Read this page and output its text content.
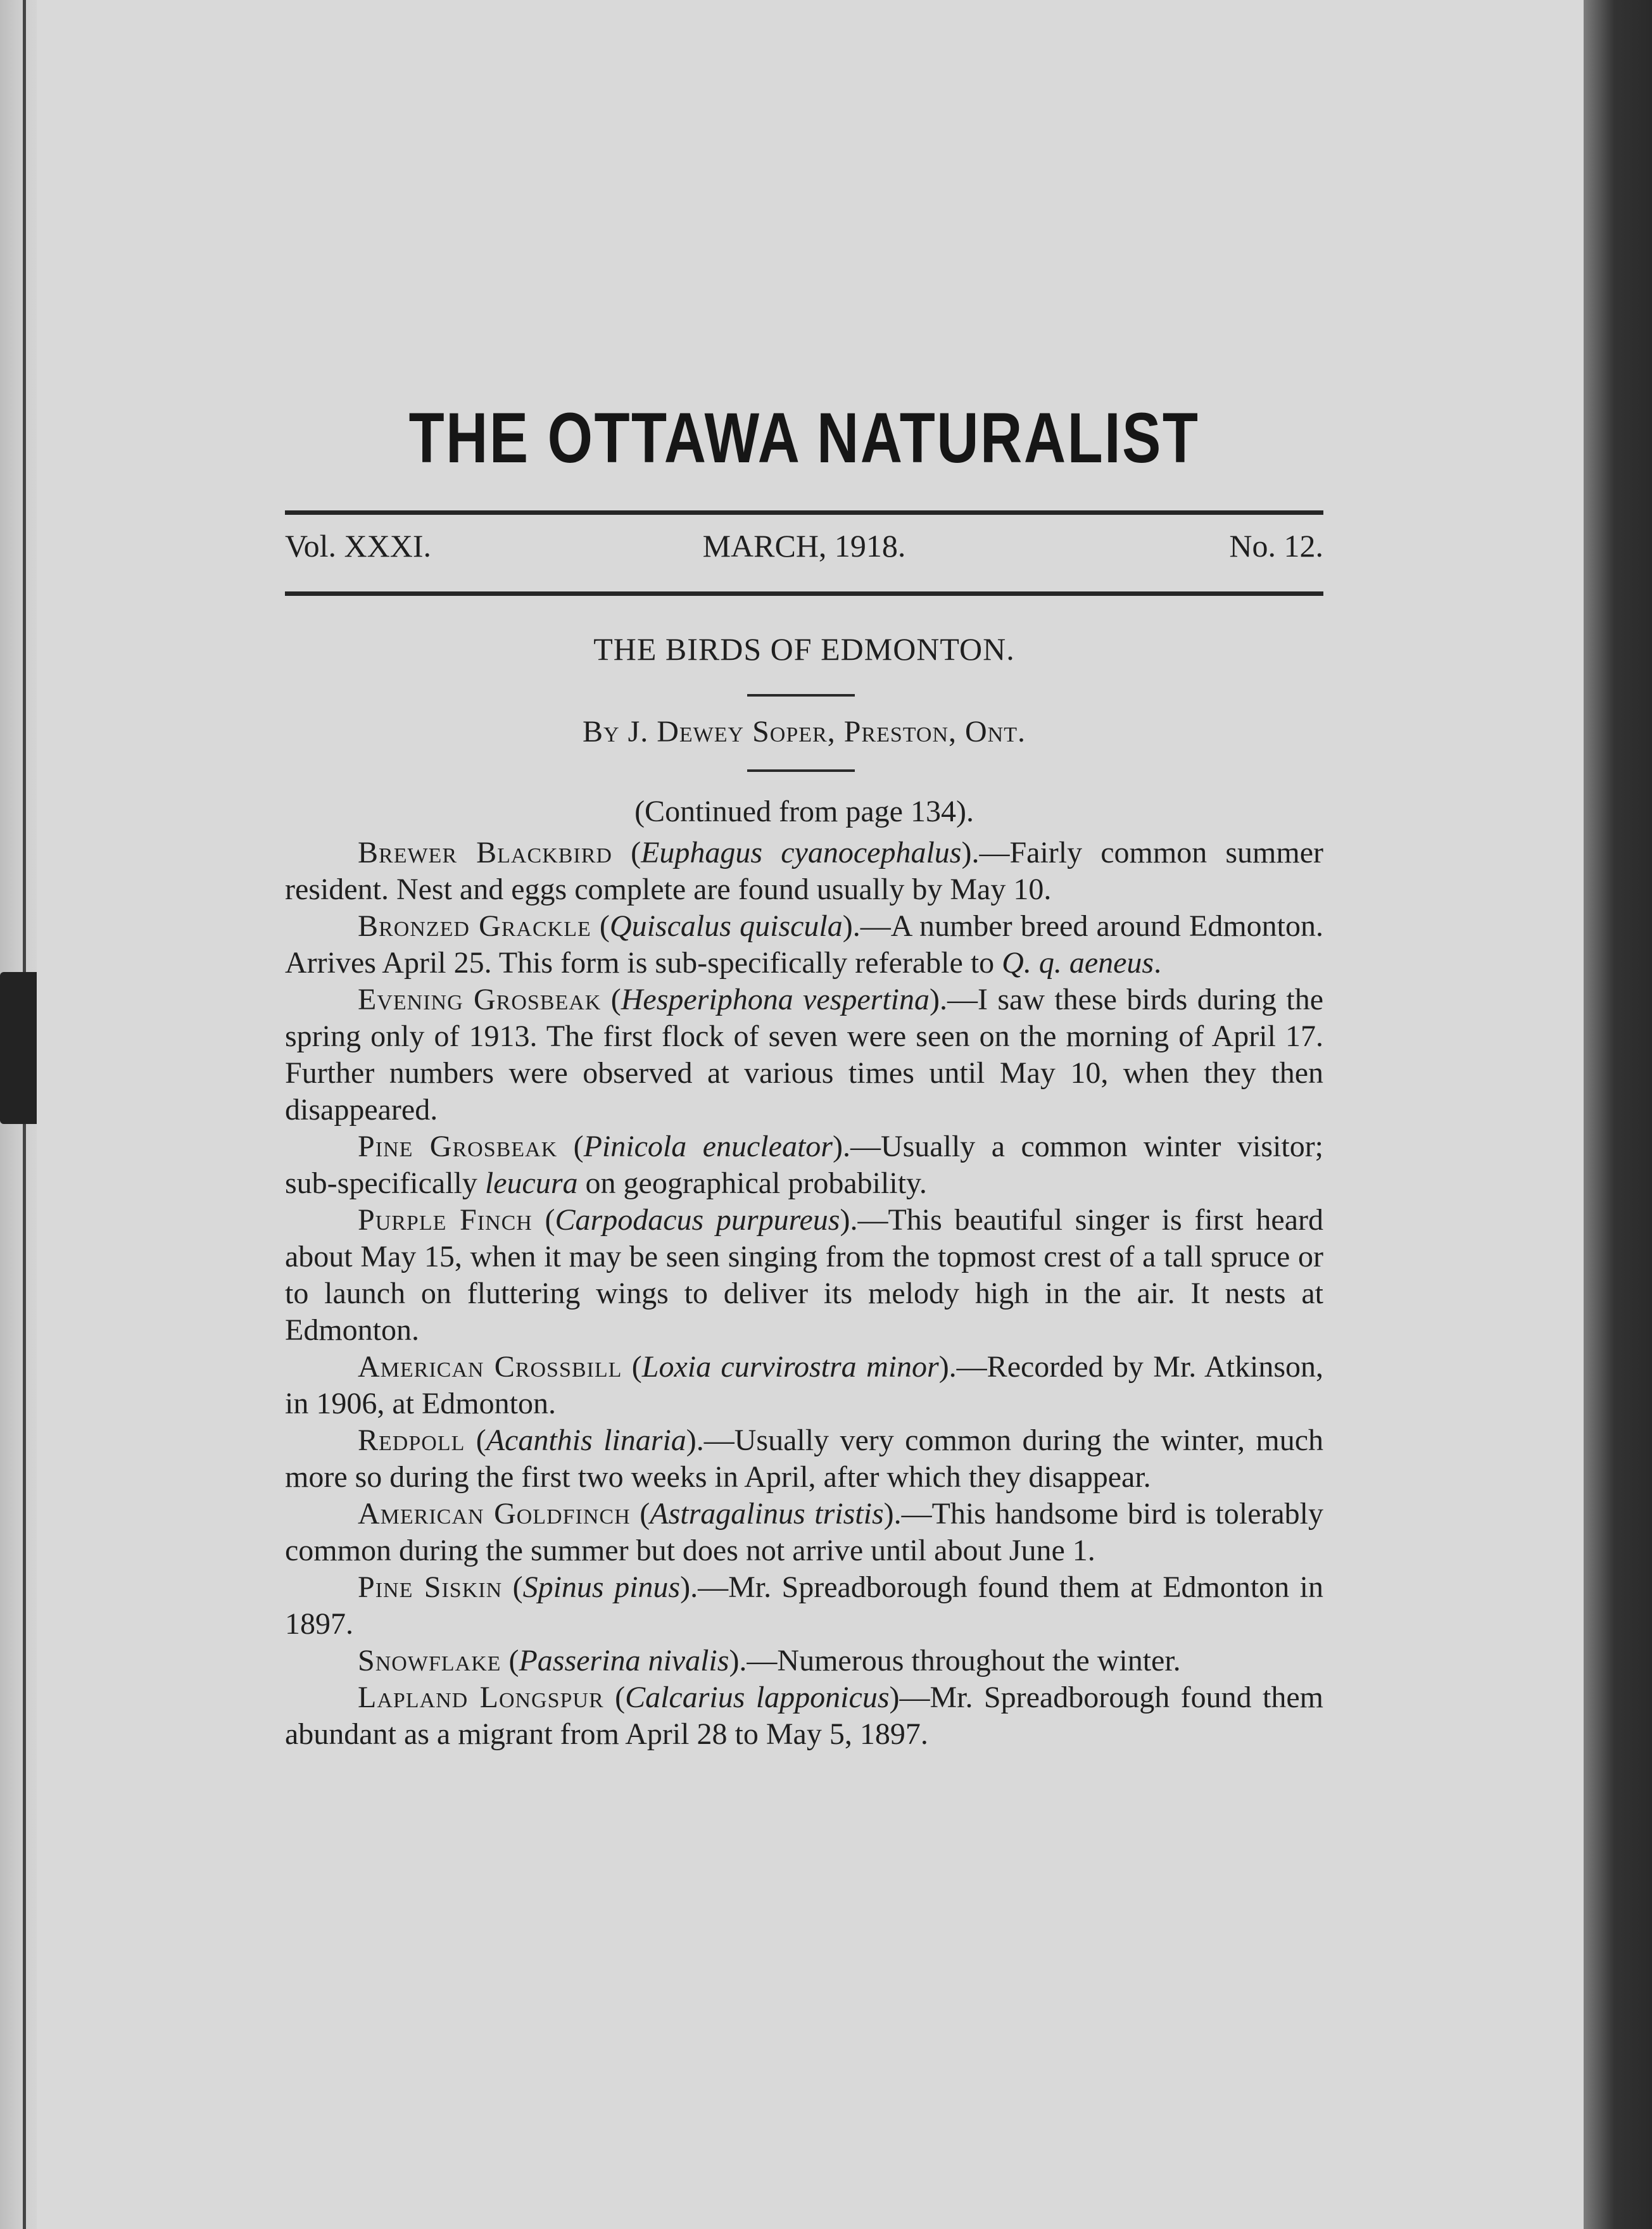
THE OTTAWA NATURALIST
Vol. XXXI.	MARCH, 1918.	No. 12.
THE BIRDS OF EDMONTON.
By J. Dewey Soper, Preston, Ont.
(Continued from page 134).

Brewer Blackbird (Euphagus cyanocephalus).—Fairly common summer resident. Nest and eggs complete are found usually by May 10.

Bronzed Grackle (Quiscalus quiscula).—A number breed around Edmonton. Arrives April 25. This form is sub-specifically referable to Q. q. aeneus.

Evening Grosbeak (Hesperiphona vespertina).—I saw these birds during the spring only of 1913. The first flock of seven were seen on the morning of April 17. Further numbers were observed at various times until May 10, when they then disappeared.

Pine Grosbeak (Pinicola enucleator).—Usually a common winter visitor; sub-specifically leucura on geographical probability.

Purple Finch (Carpodacus purpureus).—This beautiful singer is first heard about May 15, when it may be seen singing from the topmost crest of a tall spruce or to launch on fluttering wings to deliver its melody high in the air. It nests at Edmonton.

American Crossbill (Loxia curvirostra minor).—Recorded by Mr. Atkinson, in 1906, at Edmonton.

Redpoll (Acanthis linaria).—Usually very common during the winter, much more so during the first two weeks in April, after which they disappear.

American Goldfinch (Astragalinus tristis).—This handsome bird is tolerably common during the summer but does not arrive until about June 1.

Pine Siskin (Spinus pinus).—Mr. Spreadborough found them at Edmonton in 1897.

Snowflake (Passerina nivalis).—Numerous throughout the winter.

Lapland Longspur (Calcarius lapponicus)—Mr. Spreadborough found them abundant as a migrant from April 28 to May 5, 1897.
